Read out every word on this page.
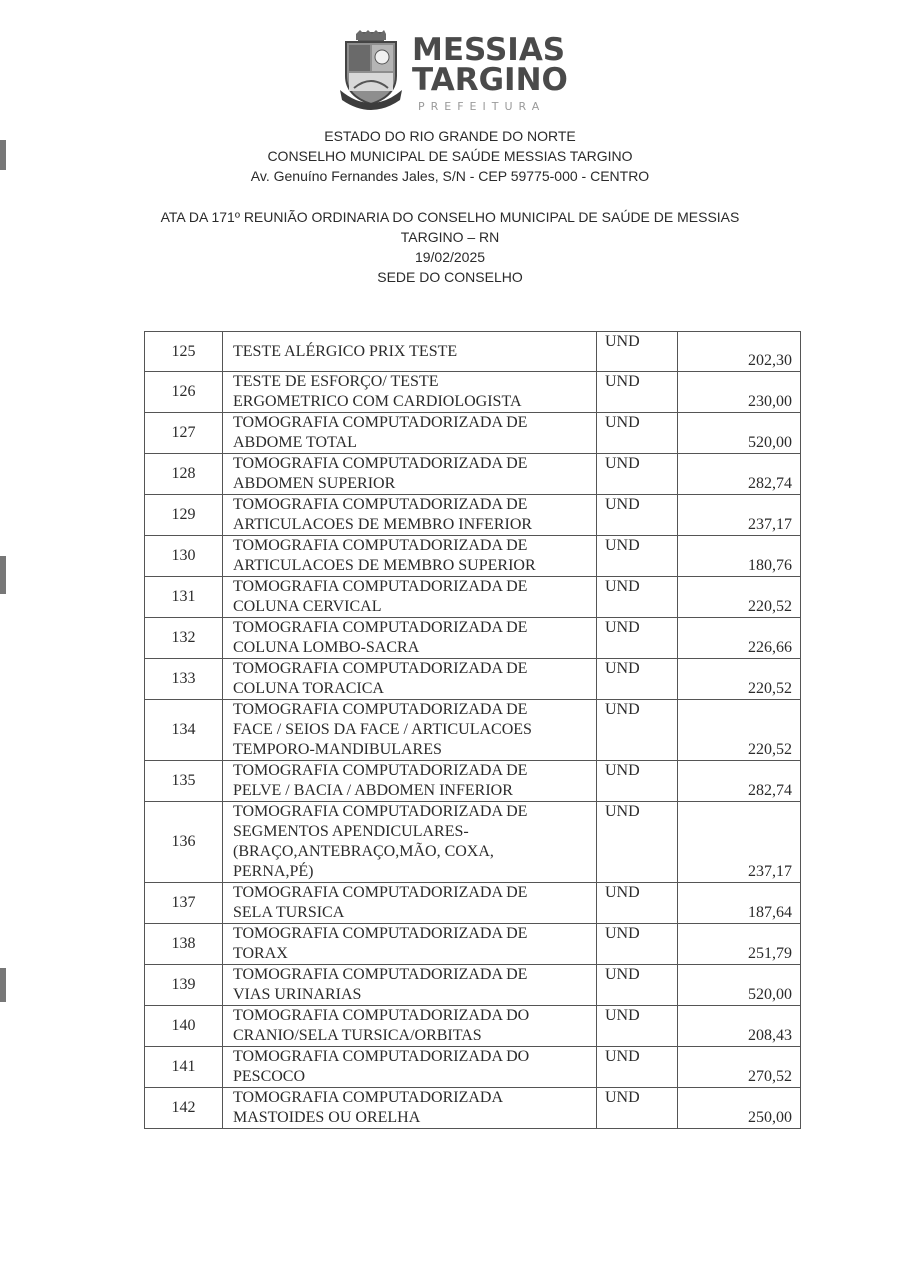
MESSIAS
TARGINO
PREFEITURA
ESTADO DO RIO GRANDE DO NORTE
CONSELHO MUNICIPAL DE SAÚDE MESSIAS TARGINO
Av. Genuíno Fernandes Jales, S/N - CEP 59775-000 - CENTRO
ATA DA 171º REUNIÃO ORDINARIA DO CONSELHO MUNICIPAL DE SAÚDE DE MESSIAS
TARGINO – RN
19/02/2025
SEDE DO CONSELHO
125	TESTE ALÉRGICO PRIX TESTE	UND	202,30
126	TESTE DE ESFORÇO/ TESTE
ERGOMETRICO COM CARDIOLOGISTA	UND	230,00
127	TOMOGRAFIA COMPUTADORIZADA DE
ABDOME TOTAL	UND	520,00
128	TOMOGRAFIA COMPUTADORIZADA DE
ABDOMEN SUPERIOR	UND	282,74
129	TOMOGRAFIA COMPUTADORIZADA DE
ARTICULACOES DE MEMBRO INFERIOR	UND	237,17
130	TOMOGRAFIA COMPUTADORIZADA DE
ARTICULACOES DE MEMBRO SUPERIOR	UND	180,76
131	TOMOGRAFIA COMPUTADORIZADA DE
COLUNA CERVICAL	UND	220,52
132	TOMOGRAFIA COMPUTADORIZADA DE
COLUNA LOMBO-SACRA	UND	226,66
133	TOMOGRAFIA COMPUTADORIZADA DE
COLUNA TORACICA	UND	220,52
134	TOMOGRAFIA COMPUTADORIZADA DE
FACE / SEIOS DA FACE / ARTICULACOES
TEMPORO-MANDIBULARES	UND	220,52
135	TOMOGRAFIA COMPUTADORIZADA DE
PELVE / BACIA / ABDOMEN INFERIOR	UND	282,74
136	TOMOGRAFIA COMPUTADORIZADA DE
SEGMENTOS APENDICULARES-
(BRAÇO,ANTEBRAÇO,MÃO, COXA,
PERNA,PÉ)	UND	237,17
137	TOMOGRAFIA COMPUTADORIZADA DE
SELA TURSICA	UND	187,64
138	TOMOGRAFIA COMPUTADORIZADA DE
TORAX	UND	251,79
139	TOMOGRAFIA COMPUTADORIZADA DE
VIAS URINARIAS	UND	520,00
140	TOMOGRAFIA COMPUTADORIZADA DO
CRANIO/SELA TURSICA/ORBITAS	UND	208,43
141	TOMOGRAFIA COMPUTADORIZADA DO
PESCOCO	UND	270,52
142	TOMOGRAFIA COMPUTADORIZADA
MASTOIDES OU ORELHA	UND	250,00
